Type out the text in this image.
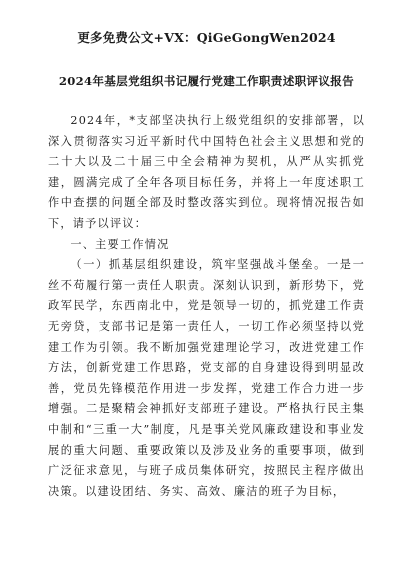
更多免费公文+VX：QiGeGongWen2024
2024年基层党组织书记履行党建工作职责述职评议报告

2024年，*支部坚决执行上级党组织的安排部署，以深入贯彻落实习近平新时代中国特色社会主义思想和党的二十大以及二十届三中全会精神为契机，从严从实抓党建，圆满完成了全年各项目标任务，并将上一年度述职工作中查摆的问题全部及时整改落实到位。现将情况报告如下，请予以评议：

一、主要工作情况

（一）抓基层组织建设，筑牢坚强战斗堡垒。一是一丝不苟履行第一责任人职责。深刻认识到，新形势下，党政军民学，东西南北中，党是领导一切的，抓党建工作责无旁贷，支部书记是第一责任人，一切工作必须坚持以党建工作为引领。我不断加强党建理论学习，改进党建工作方法，创新党建工作思路，党支部的自身建设得到明显改善，党员先锋模范作用进一步发挥，党建工作合力进一步增强。二是聚精会神抓好支部班子建设。严格执行民主集中制和“三重一大”制度，凡是事关党风廉政建设和事业发展的重大问题、重要政策以及涉及业务的重要事项，做到广泛征求意见，与班子成员集体研究，按照民主程序做出决策。以建设团结、务实、高效、廉洁的班子为目标，
